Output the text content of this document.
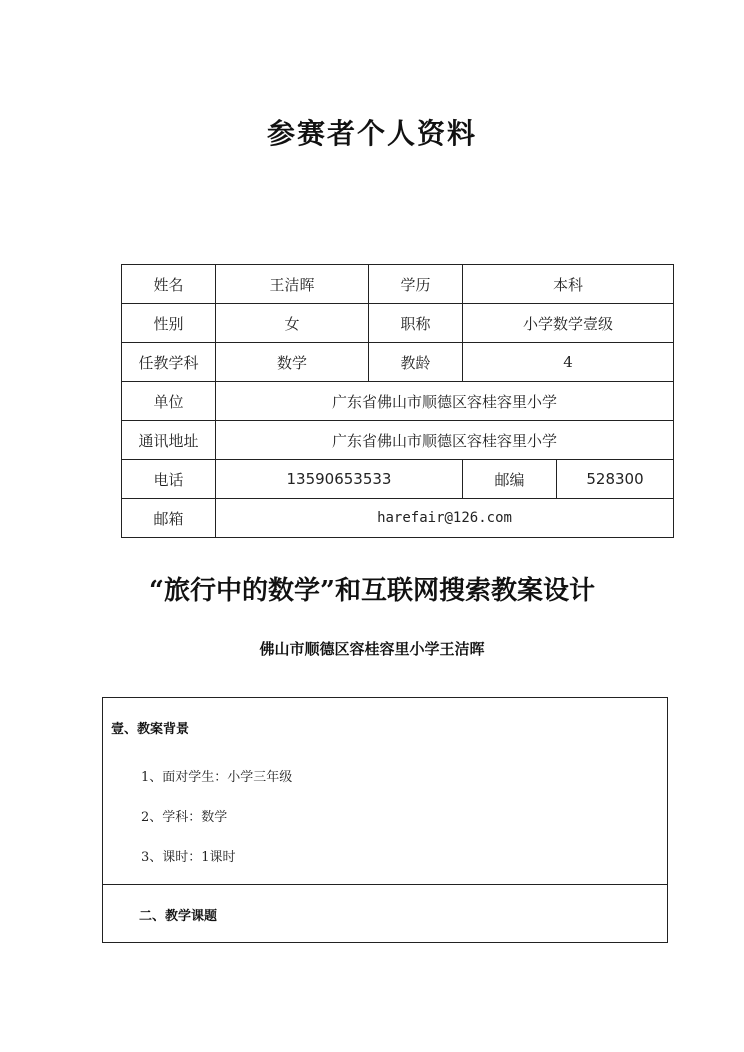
参赛者个人资料
姓名	王洁晖	学历	本科	
性别	女	职称	小学数学壹级	
任教学科	数学	教龄	4	
单位	广东省佛山市顺德区容桂容里小学			
通讯地址	广东省佛山市顺德区容桂容里小学			
电话	13590653533		邮编	528300
邮箱	harefair@126.com			
“旅行中的数学”和互联网搜索教案设计

佛山市顺德区容桂容里小学王洁晖

壹、教案背景

1、面对学生：小学三年级

2、学科：数学

3、课时：1课时

二、教学课题
